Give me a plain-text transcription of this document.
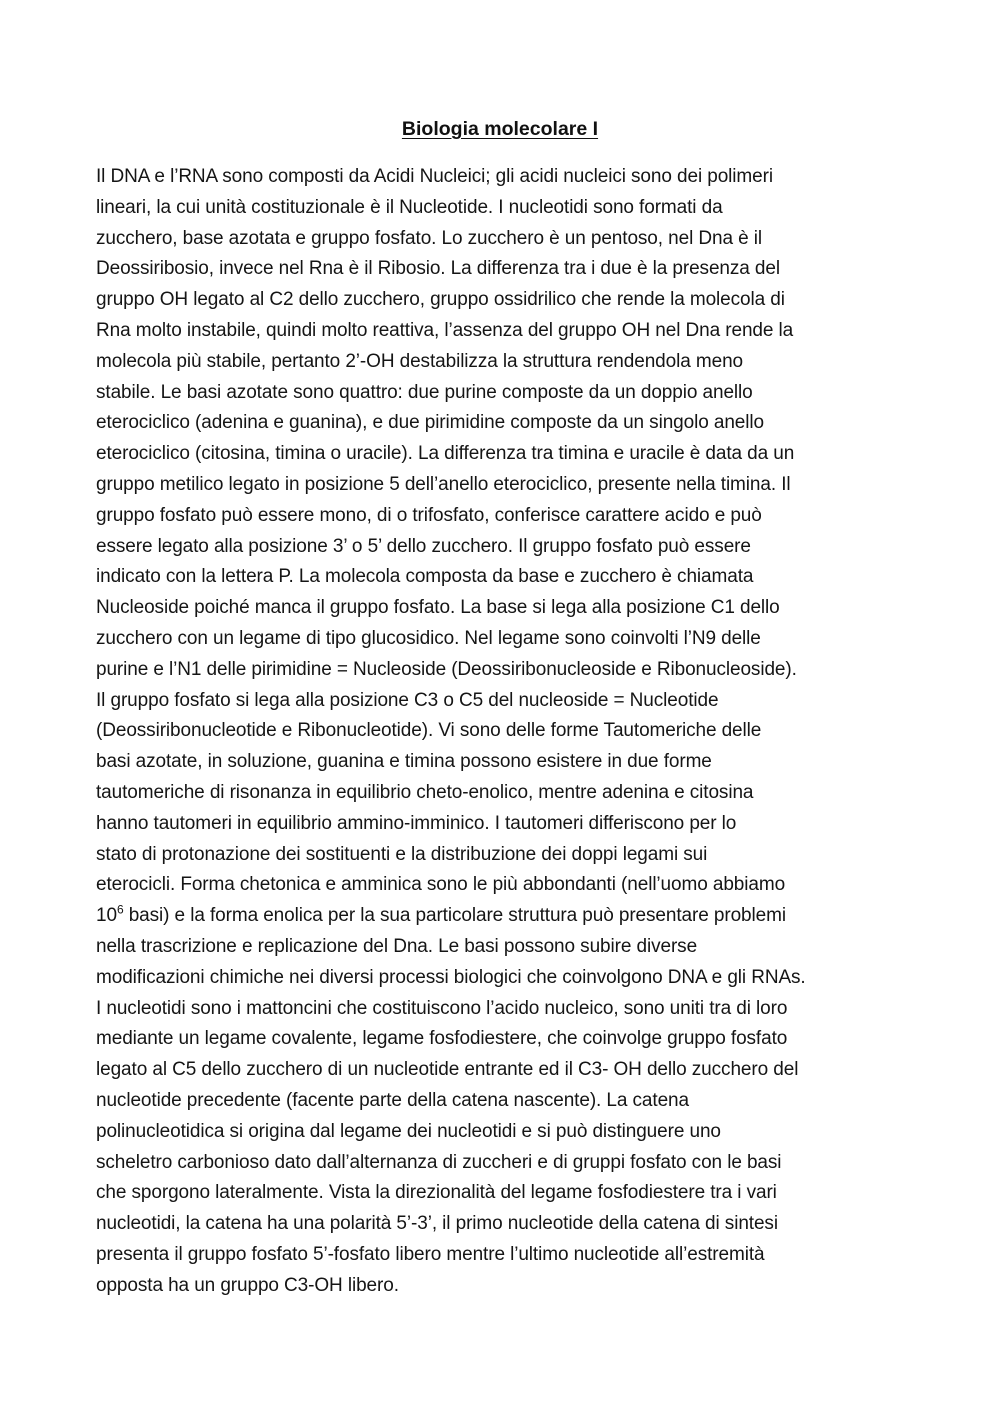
Biologia molecolare I
Il DNA e l’RNA sono composti da Acidi Nucleici; gli acidi nucleici sono dei polimeri
lineari, la cui unità costituzionale è il Nucleotide. I nucleotidi sono formati da
zucchero, base azotata e gruppo fosfato. Lo zucchero è un pentoso, nel Dna è il
Deossiribosio, invece nel Rna è il Ribosio. La differenza tra i due è la presenza del
gruppo OH legato al C2 dello zucchero, gruppo ossidrilico che rende la molecola di
Rna molto instabile, quindi molto reattiva, l’assenza del gruppo OH nel Dna rende la
molecola più stabile, pertanto 2’-OH destabilizza la struttura rendendola meno
stabile. Le basi azotate sono quattro: due purine composte da un doppio anello
eterociclico (adenina e guanina), e due pirimidine composte da un singolo anello
eterociclico (citosina, timina o uracile). La differenza tra timina e uracile è data da un
gruppo metilico legato in posizione 5 dell’anello eterociclico, presente nella timina. Il
gruppo fosfato può essere mono, di o trifosfato, conferisce carattere acido e può
essere legato alla posizione 3’ o 5’ dello zucchero. Il gruppo fosfato può essere
indicato con la lettera P. La molecola composta da base e zucchero è chiamata
Nucleoside poiché manca il gruppo fosfato. La base si lega alla posizione C1 dello
zucchero con un legame di tipo glucosidico. Nel legame sono coinvolti l’N9 delle
purine e l’N1 delle pirimidine = Nucleoside (Deossiribonucleoside e Ribonucleoside).
Il gruppo fosfato si lega alla posizione C3 o C5 del nucleoside = Nucleotide
(Deossiribonucleotide e Ribonucleotide). Vi sono delle forme Tautomeriche delle
basi azotate, in soluzione, guanina e timina possono esistere in due forme
tautomeriche di risonanza in equilibrio cheto-enolico, mentre adenina e citosina
hanno tautomeri in equilibrio ammino-imminico. I tautomeri differiscono per lo
stato di protonazione dei sostituenti e la distribuzione dei doppi legami sui
eterocicli. Forma chetonica e amminica sono le più abbondanti (nell’uomo abbiamo
$10^6$ basi) e la forma enolica per la sua particolare struttura può presentare problemi
nella trascrizione e replicazione del Dna. Le basi possono subire diverse
modificazioni chimiche nei diversi processi biologici che coinvolgono DNA e gli RNAs.
I nucleotidi sono i mattoncini che costituiscono l’acido nucleico, sono uniti tra di loro
mediante un legame covalente, legame fosfodiestere, che coinvolge gruppo fosfato
legato al C5 dello zucchero di un nucleotide entrante ed il C3- OH dello zucchero del
nucleotide precedente (facente parte della catena nascente). La catena
polinucleotidica si origina dal legame dei nucleotidi e si può distinguere uno
scheletro carbonioso dato dall’alternanza di zuccheri e di gruppi fosfato con le basi
che sporgono lateralmente. Vista la direzionalità del legame fosfodiestere tra i vari
nucleotidi, la catena ha una polarità 5’-3’, il primo nucleotide della catena di sintesi
presenta il gruppo fosfato 5’-fosfato libero mentre l’ultimo nucleotide all’estremità
opposta ha un gruppo C3-OH libero.
